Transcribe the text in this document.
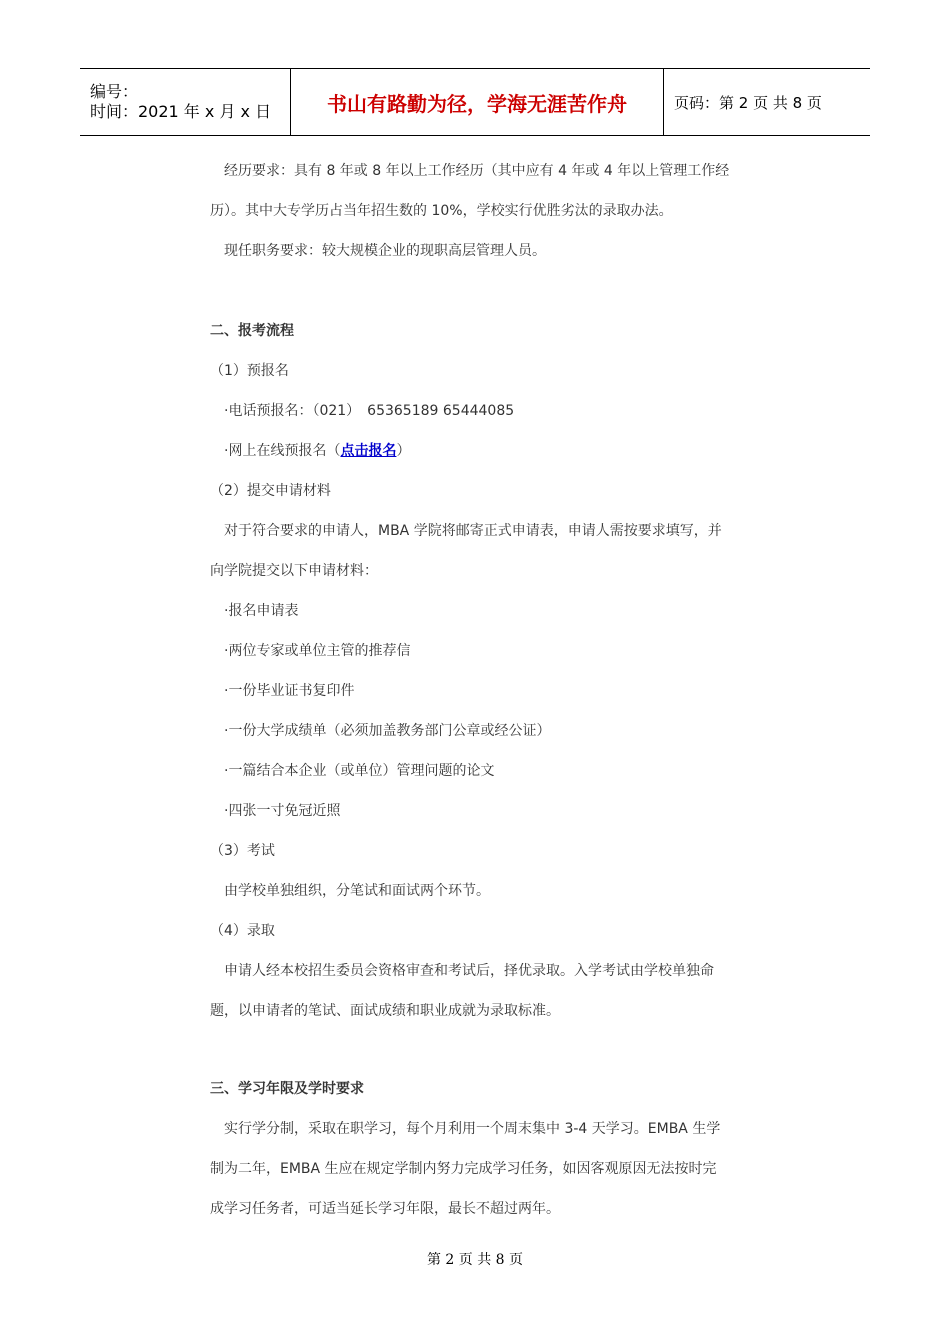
编号：
时间：2021 年 x 月 x 日	书山有路勤为径，学海无涯苦作舟	页码：第 2 页 共 8 页
经历要求：具有 8 年或 8 年以上工作经历（其中应有 4 年或 4 年以上管理工作经
历）。其中大专学历占当年招生数的 10%，学校实行优胜劣汰的录取办法。
现任职务要求：较大规模企业的现职高层管理人员。
二、报考流程
（1）预报名
·电话预报名：（021）　65365189 65444085
·网上在线预报名（点击报名）
（2）提交申请材料
对于符合要求的申请人，MBA 学院将邮寄正式申请表，申请人需按要求填写，并
向学院提交以下申请材料：
·报名申请表
·两位专家或单位主管的推荐信
·一份毕业证书复印件
·一份大学成绩单（必须加盖教务部门公章或经公证）
·一篇结合本企业（或单位）管理问题的论文
·四张一寸免冠近照
（3）考试
由学校单独组织，分笔试和面试两个环节。
（4）录取
申请人经本校招生委员会资格审查和考试后，择优录取。入学考试由学校单独命
题，以申请者的笔试、面试成绩和职业成就为录取标准。
三、学习年限及学时要求
实行学分制，采取在职学习，每个月利用一个周末集中 3-4 天学习。EMBA 生学
制为二年，EMBA 生应在规定学制内努力完成学习任务，如因客观原因无法按时完
成学习任务者，可适当延长学习年限，最长不超过两年。
第 2 页 共 8 页
